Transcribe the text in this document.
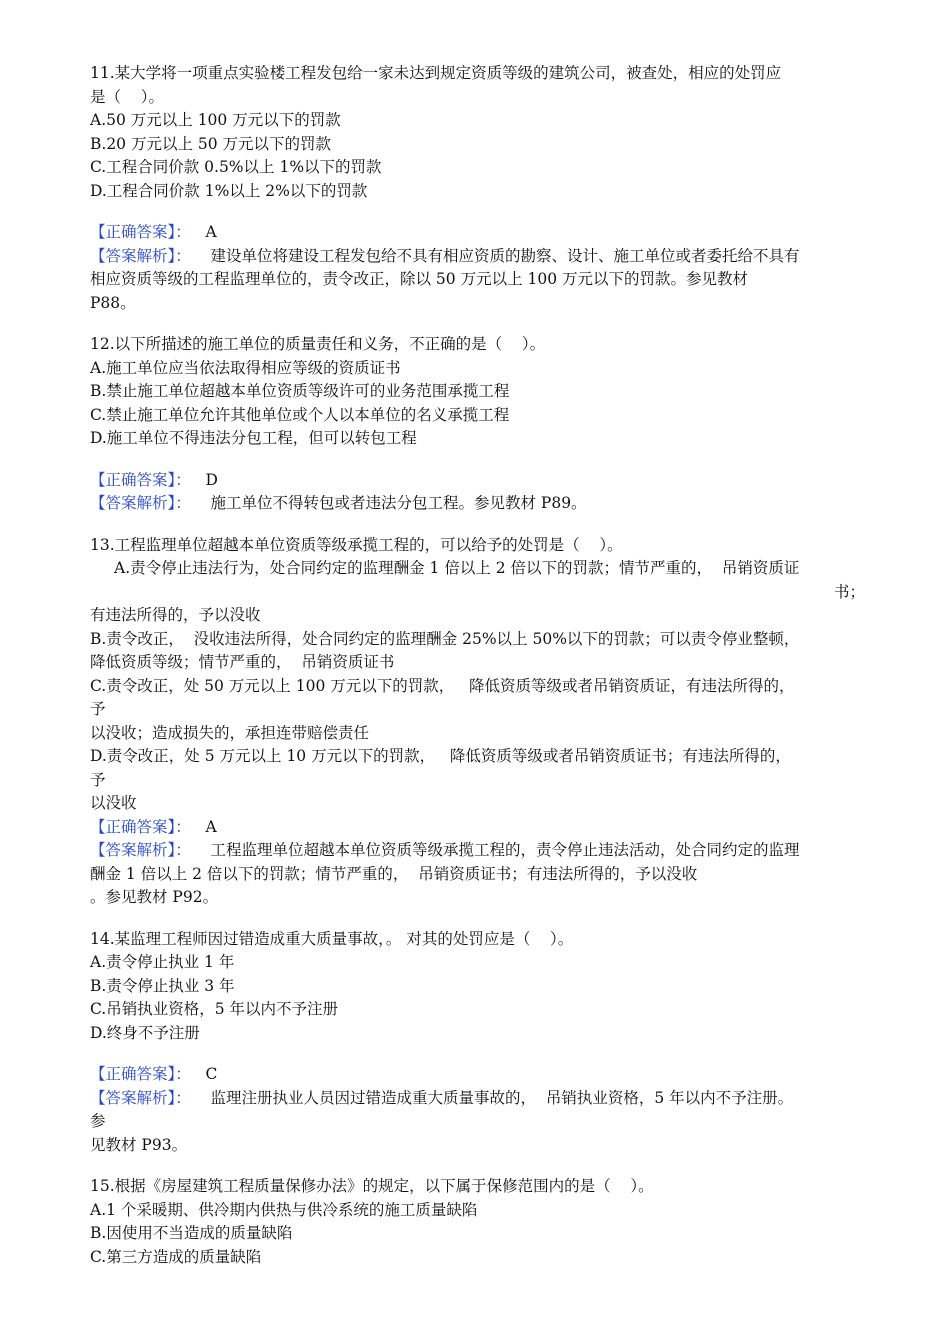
11.某大学将一项重点实验楼工程发包给一家未达到规定资质等级的建筑公司，被查处，相应的处罚应
是（    ）。
A.50 万元以上 100 万元以下的罚款
B.20 万元以上 50 万元以下的罚款
C.工程合同价款 0.5%以上 1%以下的罚款
D.工程合同价款 1%以上 2%以下的罚款
【正确答案】：   A
【答案解析】：    建设单位将建设工程发包给不具有相应资质的勘察、设计、施工单位或者委托给不具有
相应资质等级的工程监理单位的，责令改正，除以 50 万元以上 100 万元以下的罚款。参见教材
P88。
12.以下所描述的施工单位的质量责任和义务，不正确的是（    ）。
A.施工单位应当依法取得相应等级的资质证书
B.禁止施工单位超越本单位资质等级许可的业务范围承揽工程
C.禁止施工单位允许其他单位或个人以本单位的名义承揽工程
D.施工单位不得违法分包工程，但可以转包工程
【正确答案】：   D
【答案解析】：    施工单位不得转包或者违法分包工程。参见教材 P89。
13.工程监理单位超越本单位资质等级承揽工程的，可以给予的处罚是（    ）。
A.责令停止违法行为，处合同约定的监理酬金 1 倍以上 2 倍以下的罚款；情节严重的，  吊销资质证
书；
有违法所得的，予以没收
B.责令改正，  没收违法所得，处合同约定的监理酬金 25%以上 50%以下的罚款；可以责令停业整顿，
降低资质等级；情节严重的，  吊销资质证书
C.责令改正，处 50 万元以上 100 万元以下的罚款，   降低资质等级或者吊销资质证，有违法所得的，
予
以没收；造成损失的，承担连带赔偿责任
D.责令改正，处 5 万元以上 10 万元以下的罚款，   降低资质等级或者吊销资质证书；有违法所得的，
予
以没收
【正确答案】：   A
【答案解析】：    工程监理单位超越本单位资质等级承揽工程的，责令停止违法活动，处合同约定的监理
酬金 1 倍以上 2 倍以下的罚款；情节严重的，  吊销资质证书；有违法所得的，予以没收
。参见教材 P92。
14.某监理工程师因过错造成重大质量事故，。 对其的处罚应是（    ）。
A.责令停止执业 1 年
B.责令停止执业 3 年
C.吊销执业资格，5 年以内不予注册
D.终身不予注册
【正确答案】：   C
【答案解析】：    监理注册执业人员因过错造成重大质量事故的，  吊销执业资格，5 年以内不予注册。
参
见教材 P93。
15.根据《房屋建筑工程质量保修办法》的规定，以下属于保修范围内的是（    ）。
A.1 个采暖期、供冷期内供热与供冷系统的施工质量缺陷
B.因使用不当造成的质量缺陷
C.第三方造成的质量缺陷
